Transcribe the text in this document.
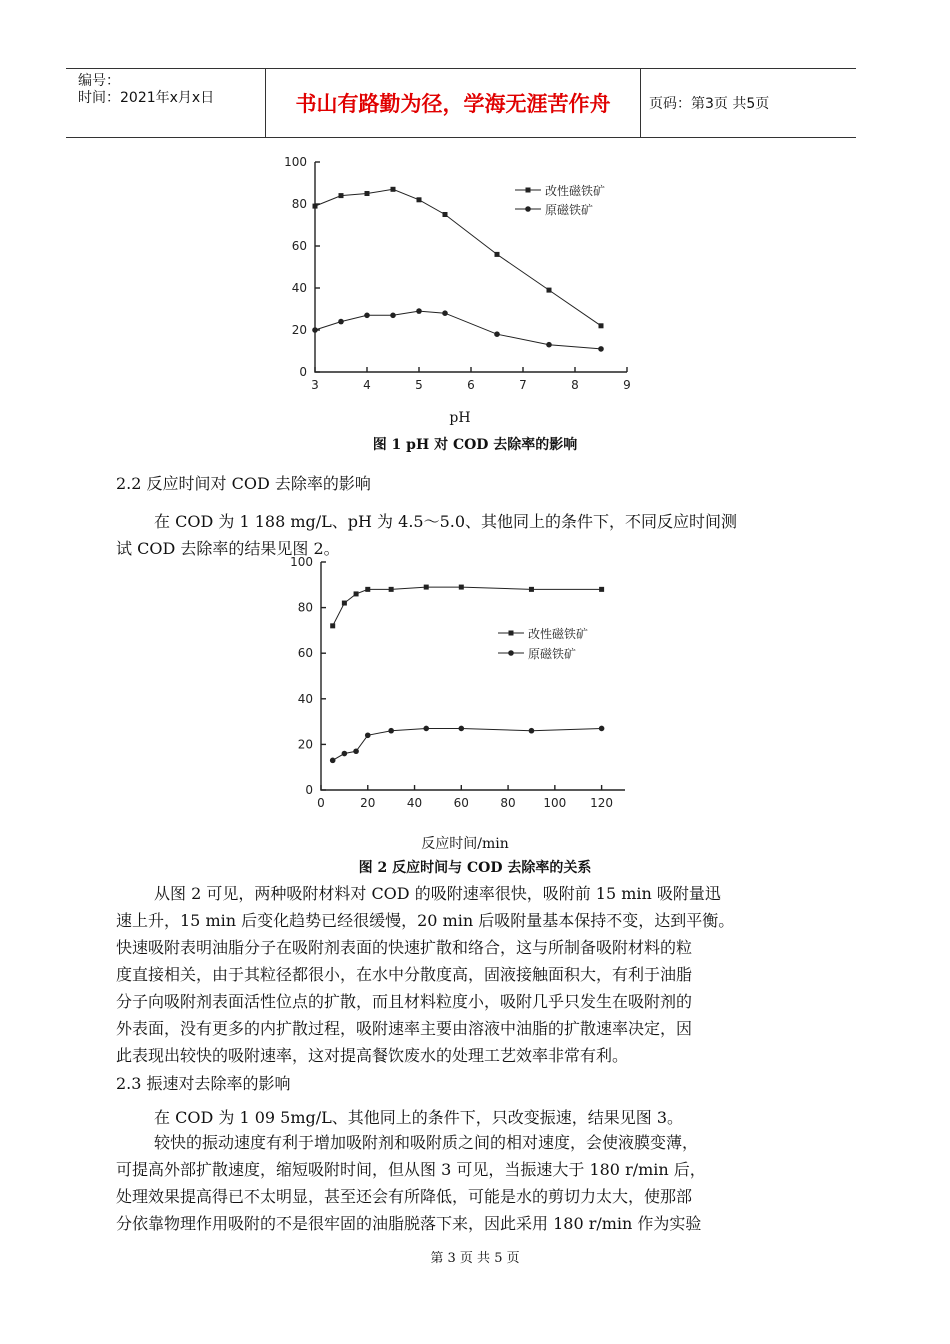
编号：
时间：2021年x月x日	书山有路勤为径，学海无涯苦作舟	页码：第3页 共5页
0
20
40
60
80
100
3	4	5	6	7	8	9
改性磁铁矿
原磁铁矿
pH
图 1 pH 对 COD 去除率的影响
2.2 反应时间对 COD 去除率的影响
在 COD 为 1 188 mg/L、pH 为 4.5～5.0、其他同上的条件下，不同反应时间测
试 COD 去除率的结果见图 2。
0
20
40
60
80
100
0	20	40	60	80 100 120
改性磁铁矿
原磁铁矿
反应时间/min
图 2 反应时间与 COD 去除率的关系
从图 2 可见，两种吸附材料对 COD 的吸附速率很快，吸附前 15 min 吸附量迅
速上升，15 min 后变化趋势已经很缓慢，20 min 后吸附量基本保持不变，达到平衡。
快速吸附表明油脂分子在吸附剂表面的快速扩散和络合，这与所制备吸附材料的粒
度直接相关，由于其粒径都很小，在水中分散度高，固液接触面积大，有利于油脂
分子向吸附剂表面活性位点的扩散，而且材料粒度小，吸附几乎只发生在吸附剂的
外表面，没有更多的内扩散过程，吸附速率主要由溶液中油脂的扩散速率决定，因
此表现出较快的吸附速率，这对提高餐饮废水的处理工艺效率非常有利。
2.3 振速对去除率的影响
在 COD 为 1 09 5mg/L、其他同上的条件下，只改变振速，结果见图 3。
较快的振动速度有利于增加吸附剂和吸附质之间的相对速度，会使液膜变薄，
可提高外部扩散速度，缩短吸附时间，但从图 3 可见，当振速大于 180 r/min 后，
处理效果提高得已不太明显，甚至还会有所降低，可能是水的剪切力太大，使那部
分依靠物理作用吸附的不是很牢固的油脂脱落下来，因此采用 180 r/min 作为实验
第 3 页 共 5 页
